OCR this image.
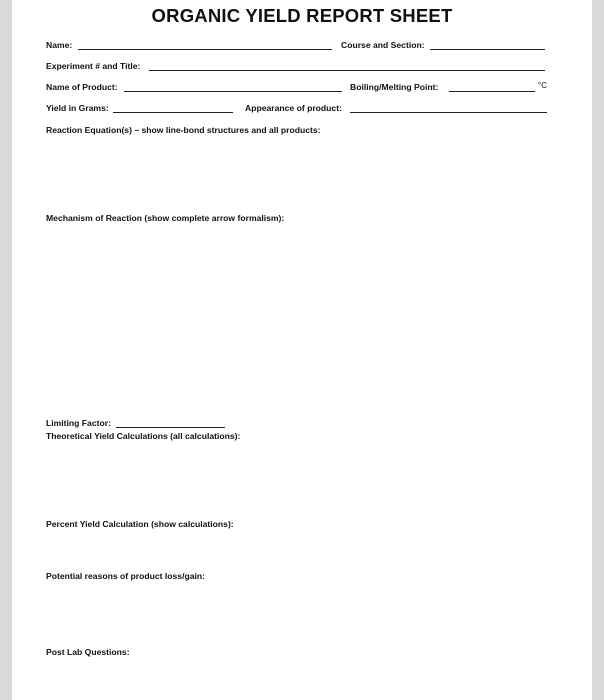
ORGANIC YIELD REPORT SHEET
Name:	Course and Section:
Experiment # and Title:
Name of Product:	Boiling/Melting Point:	°C
Yield in Grams:	Appearance of product:
Reaction Equation(s) – show line-bond structures and all products:
Mechanism of Reaction (show complete arrow formalism):
Limiting Factor:
Theoretical Yield Calculations (all calculations):
Percent Yield Calculation (show calculations):
Potential reasons of product loss/gain:
Post Lab Questions:
